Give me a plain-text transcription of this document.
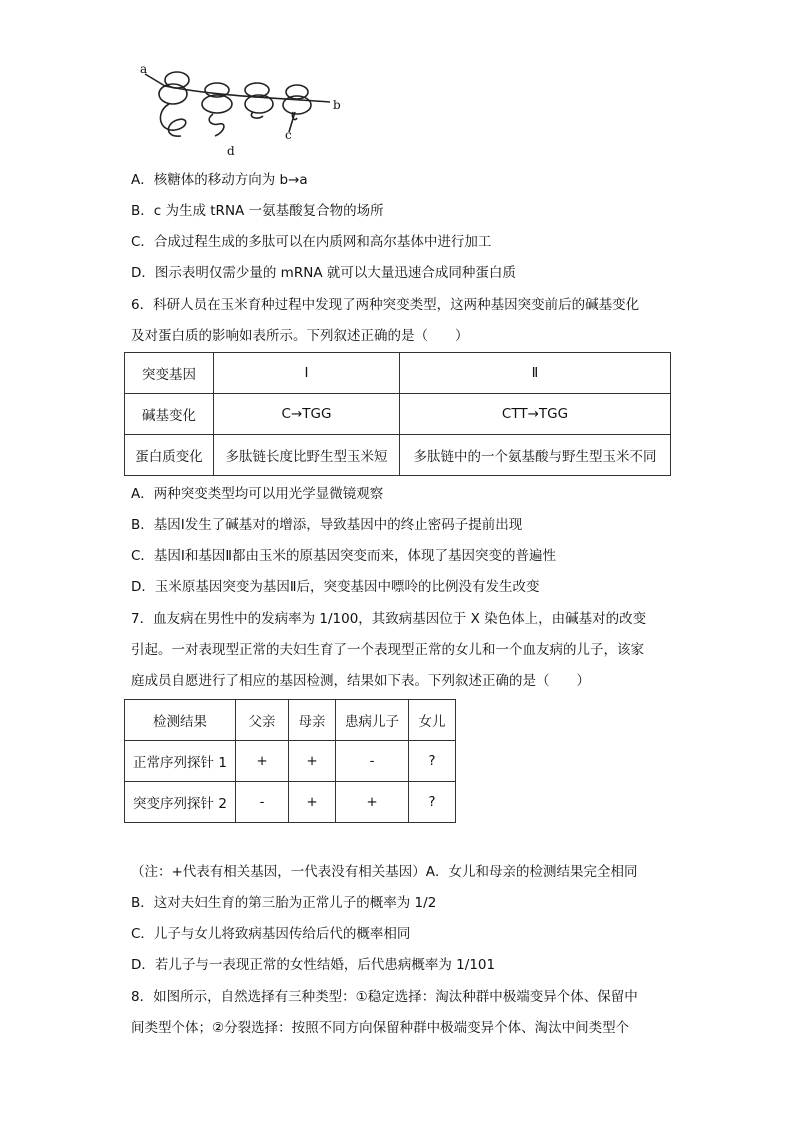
a
b
c
d
A．核糖体的移动方向为 b→a
B．c 为生成 tRNA 一氨基酸复合物的场所
C．合成过程生成的多肽可以在内质网和高尔基体中进行加工
D．图示表明仅需少量的 mRNA 就可以大量迅速合成同种蛋白质
6．科研人员在玉米育种过程中发现了两种突变类型，这两种基因突变前后的碱基变化
及对蛋白质的影响如表所示。下列叙述正确的是（　　）
突变基因	Ⅰ	Ⅱ
碱基变化	C→TGG	CTT→TGG
蛋白质变化	多肽链长度比野生型玉米短	多肽链中的一个氨基酸与野生型玉米不同
A．两种突变类型均可以用光学显微镜观察
B．基因Ⅰ发生了碱基对的增添，导致基因中的终止密码子提前出现
C．基因Ⅰ和基因Ⅱ都由玉米的原基因突变而来，体现了基因突变的普遍性
D．玉米原基因突变为基因Ⅱ后，突变基因中嘌呤的比例没有发生改变
7．血友病在男性中的发病率为 1/100，其致病基因位于 X 染色体上，由碱基对的改变
引起。一对表现型正常的夫妇生育了一个表现型正常的女儿和一个血友病的儿子，该家
庭成员自愿进行了相应的基因检测，结果如下表。下列叙述正确的是（　　）
检测结果	父亲	母亲	患病儿子	女儿
正常序列探针 1	+	+	-	?
突变序列探针 2	-	+	+	?
（注：+代表有相关基因，一代表没有相关基因）A．女儿和母亲的检测结果完全相同
B．这对夫妇生育的第三胎为正常儿子的概率为 1/2
C．儿子与女儿将致病基因传给后代的概率相同
D．若儿子与一表现正常的女性结婚，后代患病概率为 1/101
8．如图所示，自然选择有三种类型：①稳定选择：淘汰种群中极端变异个体、保留中
间类型个体；②分裂选择：按照不同方向保留种群中极端变异个体、淘汰中间类型个
